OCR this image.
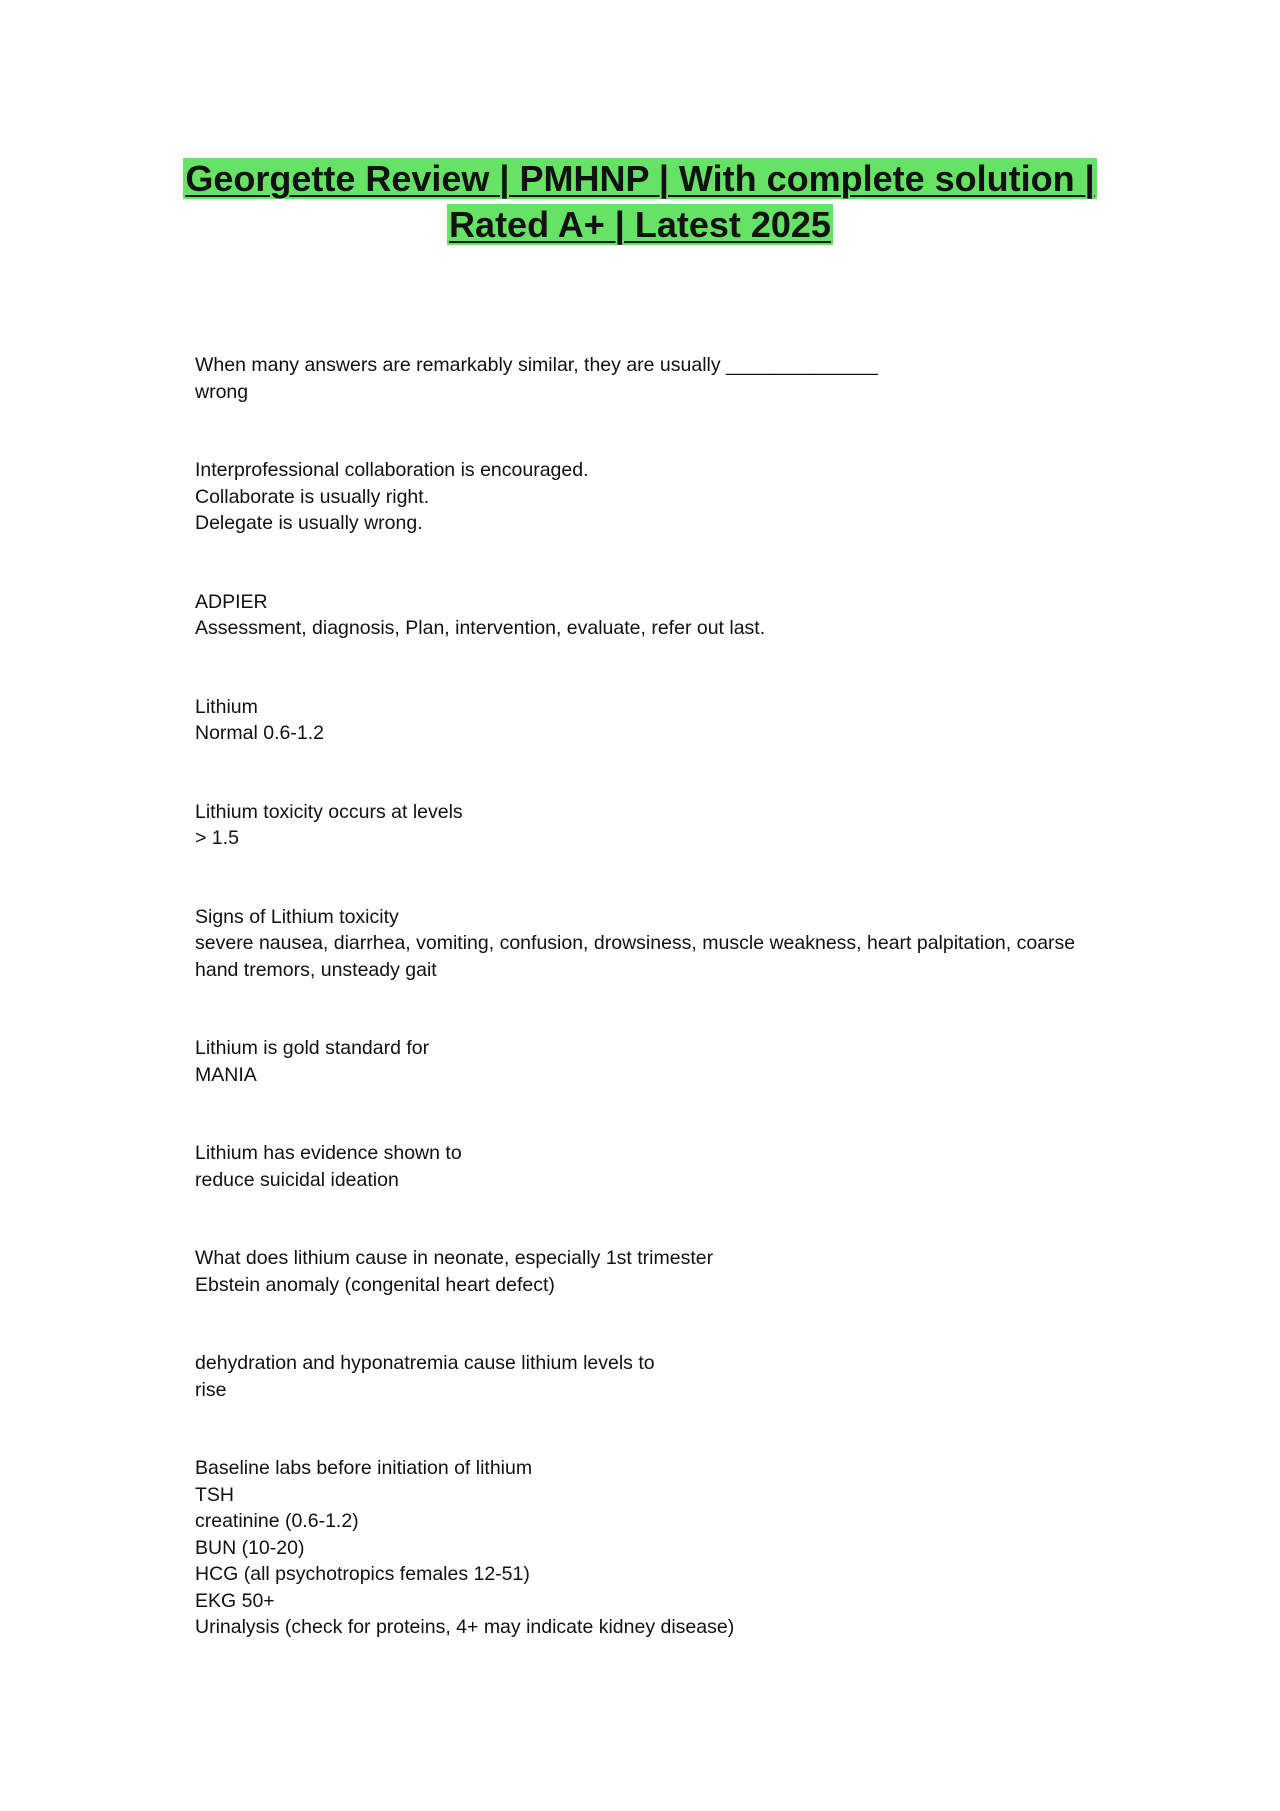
Georgette Review | PMHNP | With complete solution |
Rated A+ | Latest 2025

When many answers are remarkably similar, they are usually ______________

wrong

Interprofessional collaboration is encouraged.

Collaborate is usually right.

Delegate is usually wrong.

ADPIER

Assessment, diagnosis, Plan, intervention, evaluate, refer out last.

Lithium

Normal 0.6-1.2

Lithium toxicity occurs at levels

> 1.5

Signs of Lithium toxicity

severe nausea, diarrhea, vomiting, confusion, drowsiness, muscle weakness, heart palpitation, coarse

hand tremors, unsteady gait

Lithium is gold standard for

MANIA

Lithium has evidence shown to

reduce suicidal ideation

What does lithium cause in neonate, especially 1st trimester

Ebstein anomaly (congenital heart defect)

dehydration and hyponatremia cause lithium levels to

rise

Baseline labs before initiation of lithium

TSH

creatinine (0.6-1.2)

BUN (10-20)

HCG (all psychotropics females 12-51)

EKG 50+

Urinalysis (check for proteins, 4+ may indicate kidney disease)
